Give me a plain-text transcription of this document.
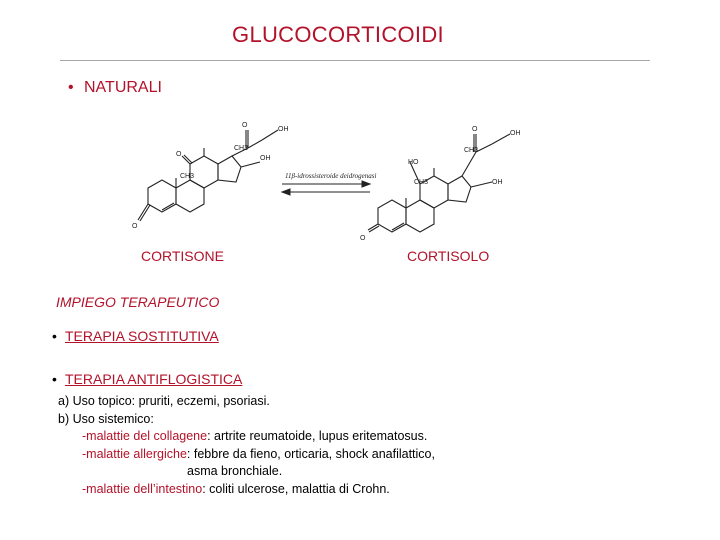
GLUCOCORTICOIDI
• NATURALI
O
O
O
OH
OH
CH3
CH3	11β-idrossisteroide deidrogenasi
O
HO
O
OH
OH
CH3
CH3
CORTISONE	CORTISOLO
IMPIEGO TERAPEUTICO
• TERAPIA SOSTITUTIVA
• TERAPIA ANTIFLOGISTICA
a) Uso topico: pruriti, eczemi, psoriasi.
b) Uso sistemico:
-malattie del collagene: artrite reumatoide, lupus eritematosus.
-malattie allergiche: febbre da fieno, orticaria, shock anafilattico,
asma bronchiale.
-malattie dell’intestino: coliti ulcerose, malattia di Crohn.
